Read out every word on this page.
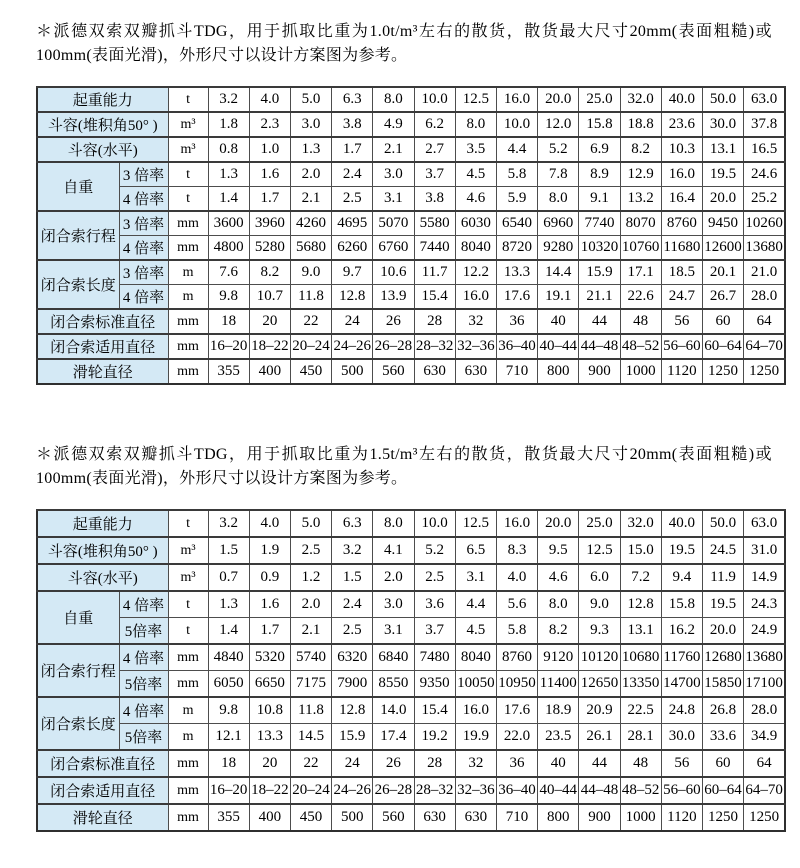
＊派德双索双瓣抓斗TDG，用于抓取比重为1.0t/m³左右的散货，散货最大尺寸20mm(表面粗糙)或100mm(表面光滑)，外形尺寸以设计方案图为参考。

起重能力		t	3.2	4.0	5.0	6.3	8.0	10.0	12.5	16.0	20.0	25.0	32.0	40.0	50.0	63.0
斗容(堆积角50° )		m³	1.8	2.3	3.0	3.8	4.9	6.2	8.0	10.0	12.0	15.8	18.8	23.6	30.0	37.8
斗容(水平)		m³	0.8	1.0	1.3	1.7	2.1	2.7	3.5	4.4	5.2	6.9	8.2	10.3	13.1	16.5
自重	3 倍率	t	1.3	1.6	2.0	2.4	3.0	3.7	4.5	5.8	7.8	8.9	12.9	16.0	19.5	24.6
	4 倍率	t	1.4	1.7	2.1	2.5	3.1	3.8	4.6	5.9	8.0	9.1	13.2	16.4	20.0	25.2
闭合索行程	3 倍率	mm	3600	3960	4260	4695	5070	5580	6030	6540	6960	7740	8070	8760	9450	10260
	4 倍率	mm	4800	5280	5680	6260	6760	7440	8040	8720	9280	10320	10760	11680	12600	13680
闭合索长度	3 倍率	m	7.6	8.2	9.0	9.7	10.6	11.7	12.2	13.3	14.4	15.9	17.1	18.5	20.1	21.0
	4 倍率	m	9.8	10.7	11.8	12.8	13.9	15.4	16.0	17.6	19.1	21.1	22.6	24.7	26.7	28.0
闭合索标准直径		mm	18	20	22	24	26	28	32	36	40	44	48	56	60	64
闭合索适用直径		mm	16–20	18–22	20–24	24–26	26–28	28–32	32–36	36–40	40–44	44–48	48–52	56–60	60–64	64–70
滑轮直径		mm	355	400	450	500	560	630	630	710	800	900	1000	1120	1250	1250

＊派德双索双瓣抓斗TDG，用于抓取比重为1.5t/m³左右的散货，散货最大尺寸20mm(表面粗糙)或100mm(表面光滑)，外形尺寸以设计方案图为参考。

起重能力		t	3.2	4.0	5.0	6.3	8.0	10.0	12.5	16.0	20.0	25.0	32.0	40.0	50.0	63.0
斗容(堆积角50° )		m³	1.5	1.9	2.5	3.2	4.1	5.2	6.5	8.3	9.5	12.5	15.0	19.5	24.5	31.0
斗容(水平)		m³	0.7	0.9	1.2	1.5	2.0	2.5	3.1	4.0	4.6	6.0	7.2	9.4	11.9	14.9
自重	4 倍率	t	1.3	1.6	2.0	2.4	3.0	3.6	4.4	5.6	8.0	9.0	12.8	15.8	19.5	24.3
	5倍率	t	1.4	1.7	2.1	2.5	3.1	3.7	4.5	5.8	8.2	9.3	13.1	16.2	20.0	24.9
闭合索行程	4 倍率	mm	4840	5320	5740	6320	6840	7480	8040	8760	9120	10120	10680	11760	12680	13680
	5倍率	mm	6050	6650	7175	7900	8550	9350	10050	10950	11400	12650	13350	14700	15850	17100
闭合索长度	4 倍率	m	9.8	10.8	11.8	12.8	14.0	15.4	16.0	17.6	18.9	20.9	22.5	24.8	26.8	28.0
	5倍率	m	12.1	13.3	14.5	15.9	17.4	19.2	19.9	22.0	23.5	26.1	28.1	30.0	33.6	34.9
闭合索标准直径		mm	18	20	22	24	26	28	32	36	40	44	48	56	60	64
闭合索适用直径		mm	16–20	18–22	20–24	24–26	26–28	28–32	32–36	36–40	40–44	44–48	48–52	56–60	60–64	64–70
滑轮直径		mm	355	400	450	500	560	630	630	710	800	900	1000	1120	1250	1250
